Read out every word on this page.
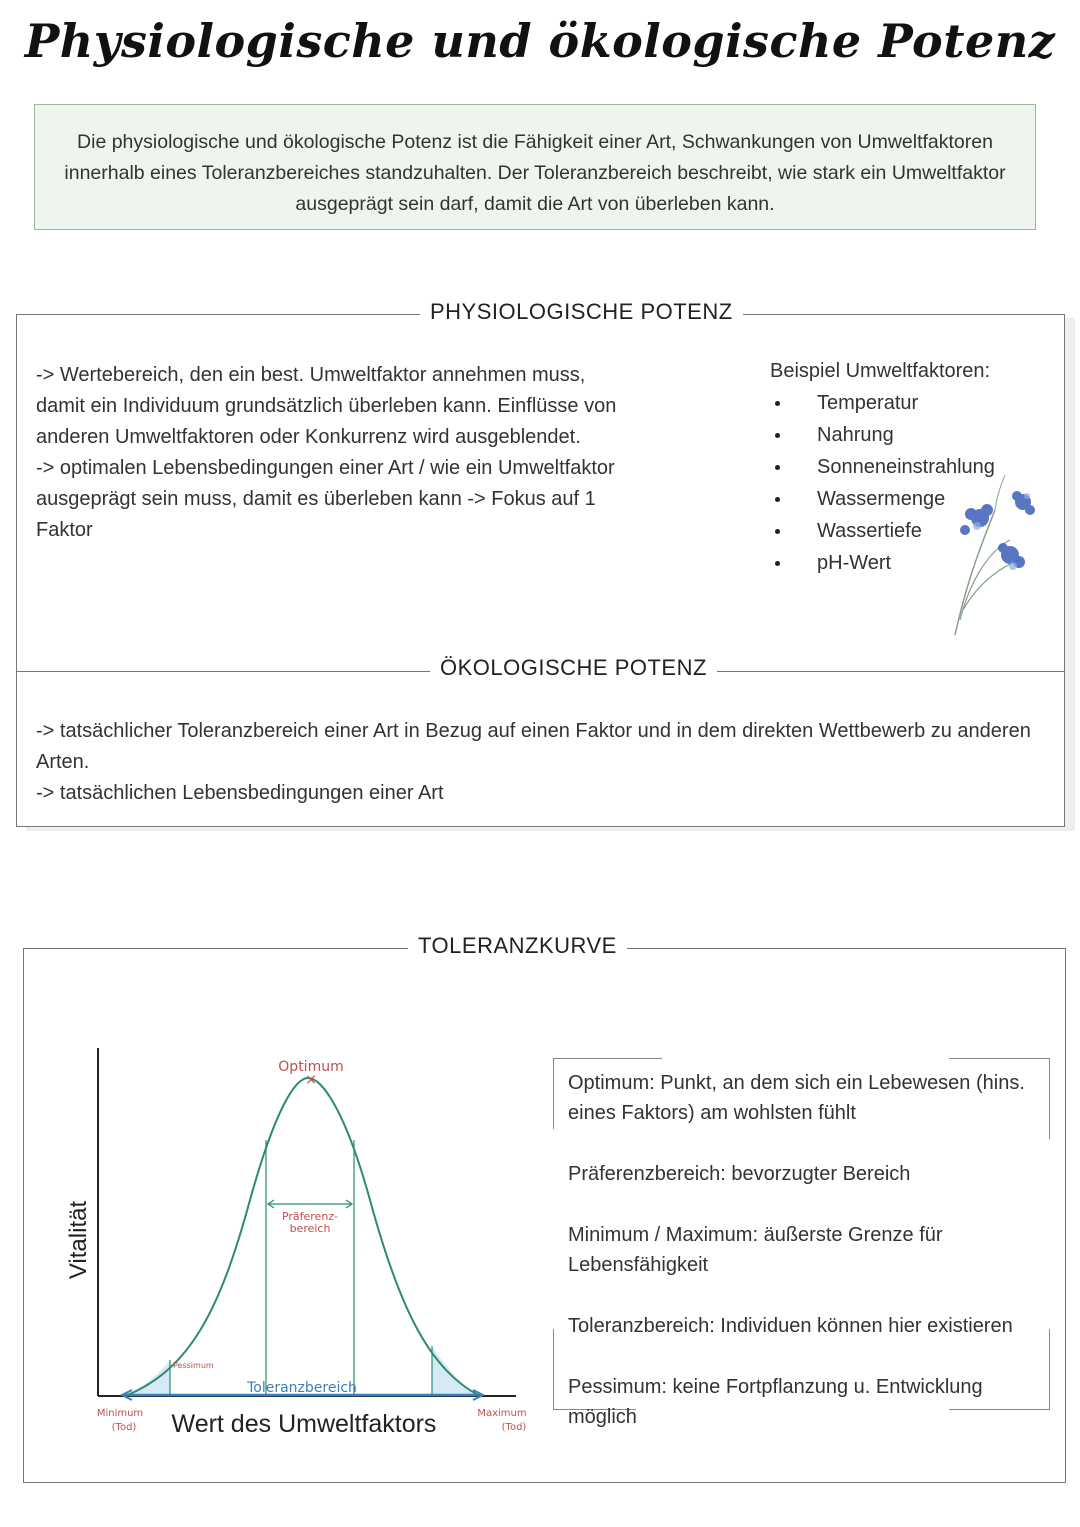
Physiologische und ökologische Potenz
Die physiologische und ökologische Potenz ist die Fähigkeit einer Art, Schwankungen von Umweltfaktoren innerhalb eines Toleranzbereiches standzuhalten. Der Toleranzbereich beschreibt, wie stark ein Umweltfaktor ausgeprägt sein darf, damit die Art von überleben kann.
PHYSIOLOGISCHE POTENZ
-> Wertebereich, den ein best. Umweltfaktor annehmen muss,
damit ein Individuum grundsätzlich überleben kann. Einflüsse von
anderen Umweltfaktoren oder Konkurrenz wird ausgeblendet.
-> optimalen Lebensbedingungen einer Art / wie ein Umweltfaktor
ausgeprägt sein muss, damit es überleben kann -> Fokus auf 1 Faktor
Beispiel Umweltfaktoren:
Temperatur
Nahrung
Sonneneinstrahlung
Wassermenge
Wassertiefe
pH-Wert
ÖKOLOGISCHE POTENZ
-> tatsächlicher Toleranzbereich einer Art in Bezug auf einen Faktor und in dem direkten Wettbewerb zu anderen Arten.
-> tatsächlichen Lebensbedingungen einer Art
TOLERANZKURVE
×
Optimum
Präferenz-
bereich
Pessimum
Toleranzbereich
Minimum
(Tod)
Maximum
(Tod)
Wert des Umweltfaktors
Vitalität

Optimum: Punkt, an dem sich ein Lebewesen (hins. eines Faktors) am wohlsten fühlt

Präferenzbereich: bevorzugter Bereich

Minimum / Maximum: äußerste Grenze für Lebensfähigkeit

Toleranzbereich: Individuen können hier existieren

Pessimum: keine Fortpflanzung u. Entwicklung möglich
